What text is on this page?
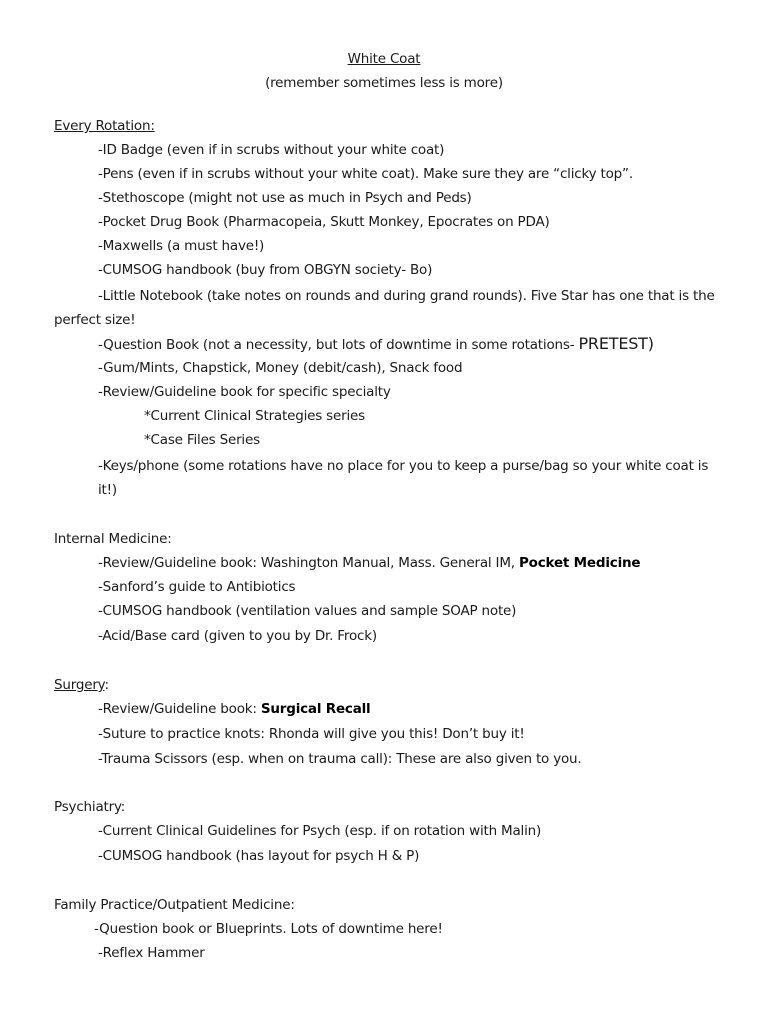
White Coat
(remember sometimes less is more)
Every Rotation:
-ID Badge (even if in scrubs without your white coat)
-Pens (even if in scrubs without your white coat). Make sure they are “clicky top”.
-Stethoscope (might not use as much in Psych and Peds)
-Pocket Drug Book (Pharmacopeia, Skutt Monkey, Epocrates on PDA)
-Maxwells (a must have!)
-CUMSOG handbook (buy from OBGYN society- Bo)
-Little Notebook (take notes on rounds and during grand rounds). Five Star has one that is the
perfect size!
-Question Book (not a necessity, but lots of downtime in some rotations- PRETEST)
-Gum/Mints, Chapstick, Money (debit/cash), Snack food
-Review/Guideline book for specific specialty
*Current Clinical Strategies series
*Case Files Series
-Keys/phone (some rotations have no place for you to keep a purse/bag so your white coat is
it!)
Internal Medicine:
-Review/Guideline book: Washington Manual, Mass. General IM, Pocket Medicine
-Sanford’s guide to Antibiotics
-CUMSOG handbook (ventilation values and sample SOAP note)
-Acid/Base card (given to you by Dr. Frock)
Surgery:
-Review/Guideline book: Surgical Recall
-Suture to practice knots: Rhonda will give you this! Don’t buy it!
-Trauma Scissors (esp. when on trauma call): These are also given to you.
Psychiatry:
-Current Clinical Guidelines for Psych (esp. if on rotation with Malin)
-CUMSOG handbook (has layout for psych H & P)
Family Practice/Outpatient Medicine:
-Question book or Blueprints. Lots of downtime here!
-Reflex Hammer
